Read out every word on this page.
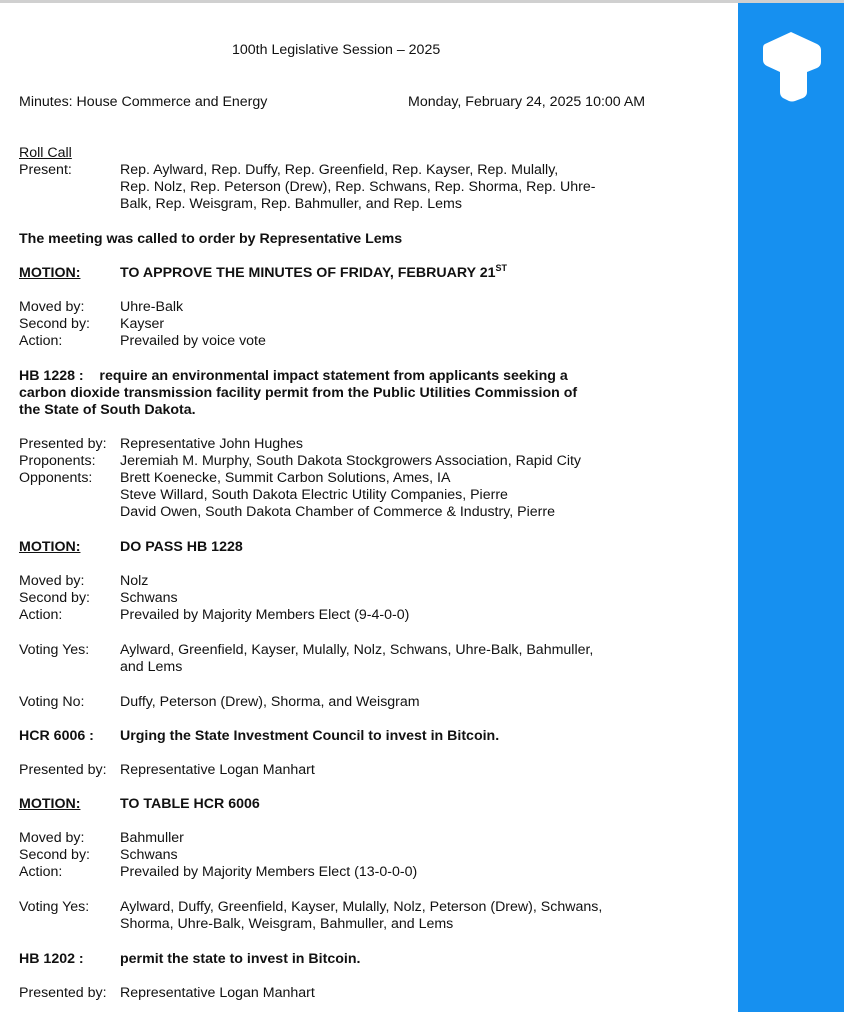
100th Legislative Session – 2025
Minutes: House Commerce and Energy	Monday, February 24, 2025 10:00 AM
Roll Call
Present:	Rep. Aylward, Rep. Duffy, Rep. Greenfield, Rep. Kayser, Rep. Mulally,
Rep. Nolz, Rep. Peterson (Drew), Rep. Schwans, Rep. Shorma, Rep. Uhre-
Balk, Rep. Weisgram, Rep. Bahmuller, and Rep. Lems
The meeting was called to order by Representative Lems
MOTION:	TO APPROVE THE MINUTES OF FRIDAY, FEBRUARY 21ST
Moved by:	Uhre-Balk
Second by: Kayser
Action:	Prevailed by voice vote
HB 1228 :    require an environmental impact statement from applicants seeking a
carbon dioxide transmission facility permit from the Public Utilities Commission of
the State of South Dakota.
Presented by: Representative John Hughes
Proponents: Jeremiah M. Murphy, South Dakota Stockgrowers Association, Rapid City
Opponents: Brett Koenecke, Summit Carbon Solutions, Ames, IA
Steve Willard, South Dakota Electric Utility Companies, Pierre
David Owen, South Dakota Chamber of Commerce & Industry, Pierre
MOTION:	DO PASS HB 1228
Moved by:	Nolz
Second by: Schwans
Action:	Prevailed by Majority Members Elect (9-4-0-0)
Voting Yes: Aylward, Greenfield, Kayser, Mulally, Nolz, Schwans, Uhre-Balk, Bahmuller,
and Lems
Voting No:	Duffy, Peterson (Drew), Shorma, and Weisgram
HCR 6006 : Urging the State Investment Council to invest in Bitcoin.
Presented by: Representative Logan Manhart
MOTION:	TO TABLE HCR 6006
Moved by:	Bahmuller
Second by: Schwans
Action:	Prevailed by Majority Members Elect (13-0-0-0)
Voting Yes: Aylward, Duffy, Greenfield, Kayser, Mulally, Nolz, Peterson (Drew), Schwans,
Shorma, Uhre-Balk, Weisgram, Bahmuller, and Lems
HB 1202 :	permit the state to invest in Bitcoin.
Presented by: Representative Logan Manhart
